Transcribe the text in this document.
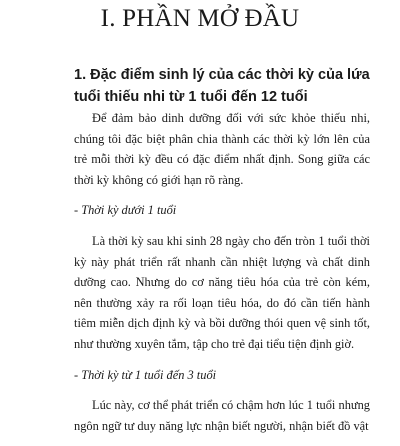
I. PHẦN MỞ ĐẦU
1. Đặc điểm sinh lý của các thời kỳ của lứa tuổi thiếu nhi từ 1 tuổi đến 12 tuổi

Để đảm bảo dinh dưỡng đối với sức khỏe thiếu nhi, chúng tôi đặc biệt phân chia thành các thời kỳ lớn lên của trẻ mỗi thời kỳ đều có đặc điểm nhất định. Song giữa các thời kỳ không có giới hạn rõ ràng.

- Thời kỳ dưới 1 tuổi

Là thời kỳ sau khi sinh 28 ngày cho đến tròn 1 tuổi thời kỳ này phát triển rất nhanh cần nhiệt lượng và chất dinh dưỡng cao. Nhưng do cơ năng tiêu hóa của trẻ còn kém, nên thường xảy ra rối loạn tiêu hóa, do đó cần tiến hành tiêm miễn dịch định kỳ và bồi dưỡng thói quen vệ sinh tốt, như thường xuyên tắm, tập cho trẻ đại tiểu tiện định giờ.

- Thời kỳ từ 1 tuổi đến 3 tuổi

Lúc này, cơ thể phát triển có chậm hơn lúc 1 tuổi nhưng ngôn ngữ tư duy năng lực nhận biết người, nhận biết đồ vật
